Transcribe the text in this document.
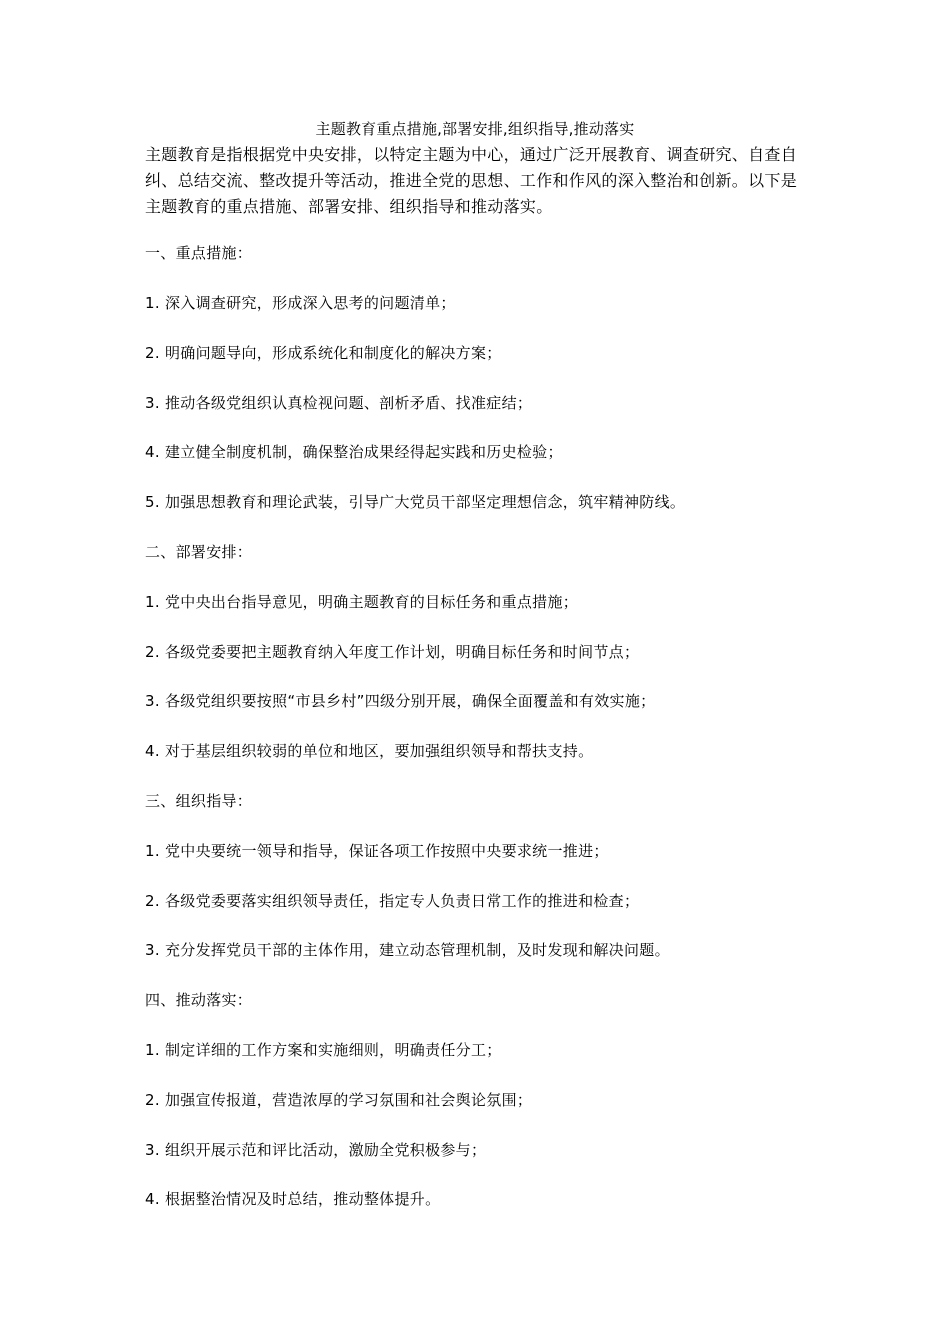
主题教育重点措施,部署安排,组织指导,推动落实

主题教育是指根据党中央安排，以特定主题为中心，通过广泛开展教育、调查研究、自查自

纠、总结交流、整改提升等活动，推进全党的思想、工作和作风的深入整治和创新。以下是

主题教育的重点措施、部署安排、组织指导和推动落实。

一、重点措施：
1. 深入调查研究，形成深入思考的问题清单；
2. 明确问题导向，形成系统化和制度化的解决方案；
3. 推动各级党组织认真检视问题、剖析矛盾、找准症结；
4. 建立健全制度机制，确保整治成果经得起实践和历史检验；
5. 加强思想教育和理论武装，引导广大党员干部坚定理想信念，筑牢精神防线。
二、部署安排：
1. 党中央出台指导意见，明确主题教育的目标任务和重点措施；
2. 各级党委要把主题教育纳入年度工作计划，明确目标任务和时间节点；
3. 各级党组织要按照“市县乡村”四级分别开展，确保全面覆盖和有效实施；
4. 对于基层组织较弱的单位和地区，要加强组织领导和帮扶支持。
三、组织指导：
1. 党中央要统一领导和指导，保证各项工作按照中央要求统一推进；
2. 各级党委要落实组织领导责任，指定专人负责日常工作的推进和检查；
3. 充分发挥党员干部的主体作用，建立动态管理机制，及时发现和解决问题。
四、推动落实：
1. 制定详细的工作方案和实施细则，明确责任分工；
2. 加强宣传报道，营造浓厚的学习氛围和社会舆论氛围；
3. 组织开展示范和评比活动，激励全党积极参与；
4. 根据整治情况及时总结，推动整体提升。
